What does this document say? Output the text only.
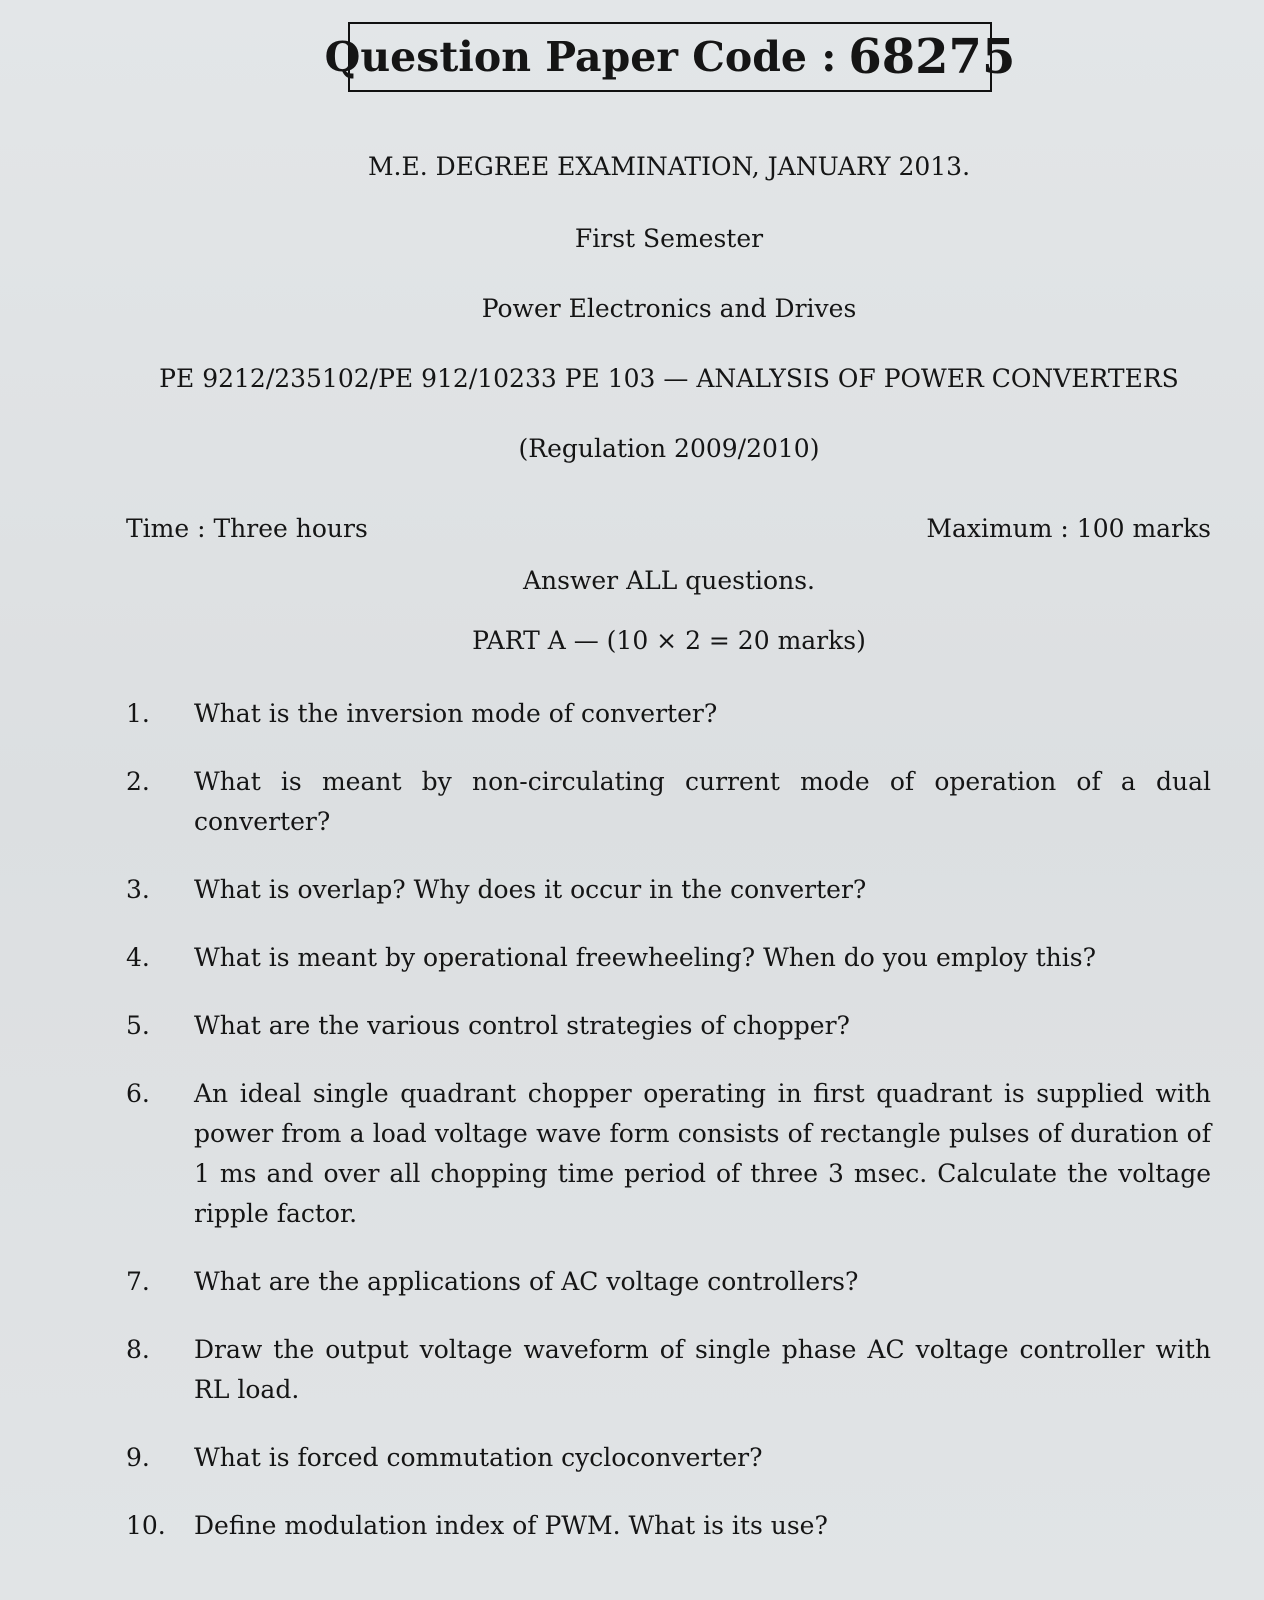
Question Paper Code : 68275
M.E. DEGREE EXAMINATION, JANUARY 2013.
First Semester
Power Electronics and Drives
PE 9212/235102/PE 912/10233 PE 103 — ANALYSIS OF POWER CONVERTERS
(Regulation 2009/2010)
Time : Three hours	Maximum : 100 marks
Answer ALL questions.
PART A — (10 × 2 = 20 marks)
1.	What is the inversion mode of converter?
2.	What is meant by non-circulating current mode of operation of a dual converter?
3.	What is overlap? Why does it occur in the converter?
4.	What is meant by operational freewheeling? When do you employ this?
5.	What are the various control strategies of chopper?
6.	An ideal single quadrant chopper operating in first quadrant is supplied with power from a load voltage wave form consists of rectangle pulses of duration of 1 ms and over all chopping time period of three 3 msec. Calculate the voltage ripple factor.
7.	What are the applications of AC voltage controllers?
8.	Draw the output voltage waveform of single phase AC voltage controller with RL load.
9.	What is forced commutation cycloconverter?
10.	Define modulation index of PWM. What is its use?
